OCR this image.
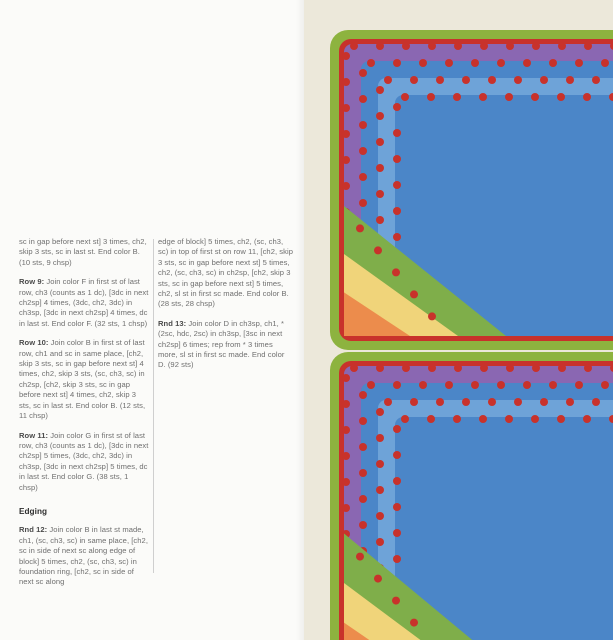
sc in gap before next st] 3 times, ch2, skip 3 sts, sc in last st. End color B. (10 sts, 9 chsp)
Row 9: Join color F in first st of last row, ch3 (counts as 1 dc), [3dc in next ch2sp] 4 times, (3dc, ch2, 3dc) in ch3sp, [3dc in next ch2sp] 4 times, dc in last st. End color F. (32 sts, 1 chsp)
Row 10: Join color B in first st of last row, ch1 and sc in same place, [ch2, skip 3 sts, sc in gap before next st] 4 times, ch2, skip 3 sts, (sc, ch3, sc) in ch2sp, [ch2, skip 3 sts, sc in gap before next st] 4 times, ch2, skip 3 sts, sc in last st. End color B. (12 sts, 11 chsp)
Row 11: Join color G in first st of last row, ch3 (counts as 1 dc), [3dc in next ch2sp] 5 times, (3dc, ch2, 3dc) in ch3sp, [3dc in next ch2sp] 5 times, dc in last st. End color G. (38 sts, 1 chsp)
Edging
Rnd 12: Join color B in last st made, ch1, (sc, ch3, sc) in same place, [ch2, sc in side of next sc along edge of block] 5 times, ch2, (sc, ch3, sc) in foundation ring, [ch2, sc in side of next sc along
edge of block] 5 times, ch2, (sc, ch3, sc) in top of first st on row 11, [ch2, skip 3 sts, sc in gap before next st] 5 times, ch2, (sc, ch3, sc) in ch2sp, [ch2, skip 3 sts, sc in gap before next st] 5 times, ch2, sl st in first sc made. End color B. (28 sts, 28 chsp)
Rnd 13: Join color D in ch3sp, ch1, *(2sc, hdc, 2sc) in ch3sp, [3sc in next ch2sp] 6 times; rep from * 3 times more, sl st in first sc made. End color D. (92 sts)
